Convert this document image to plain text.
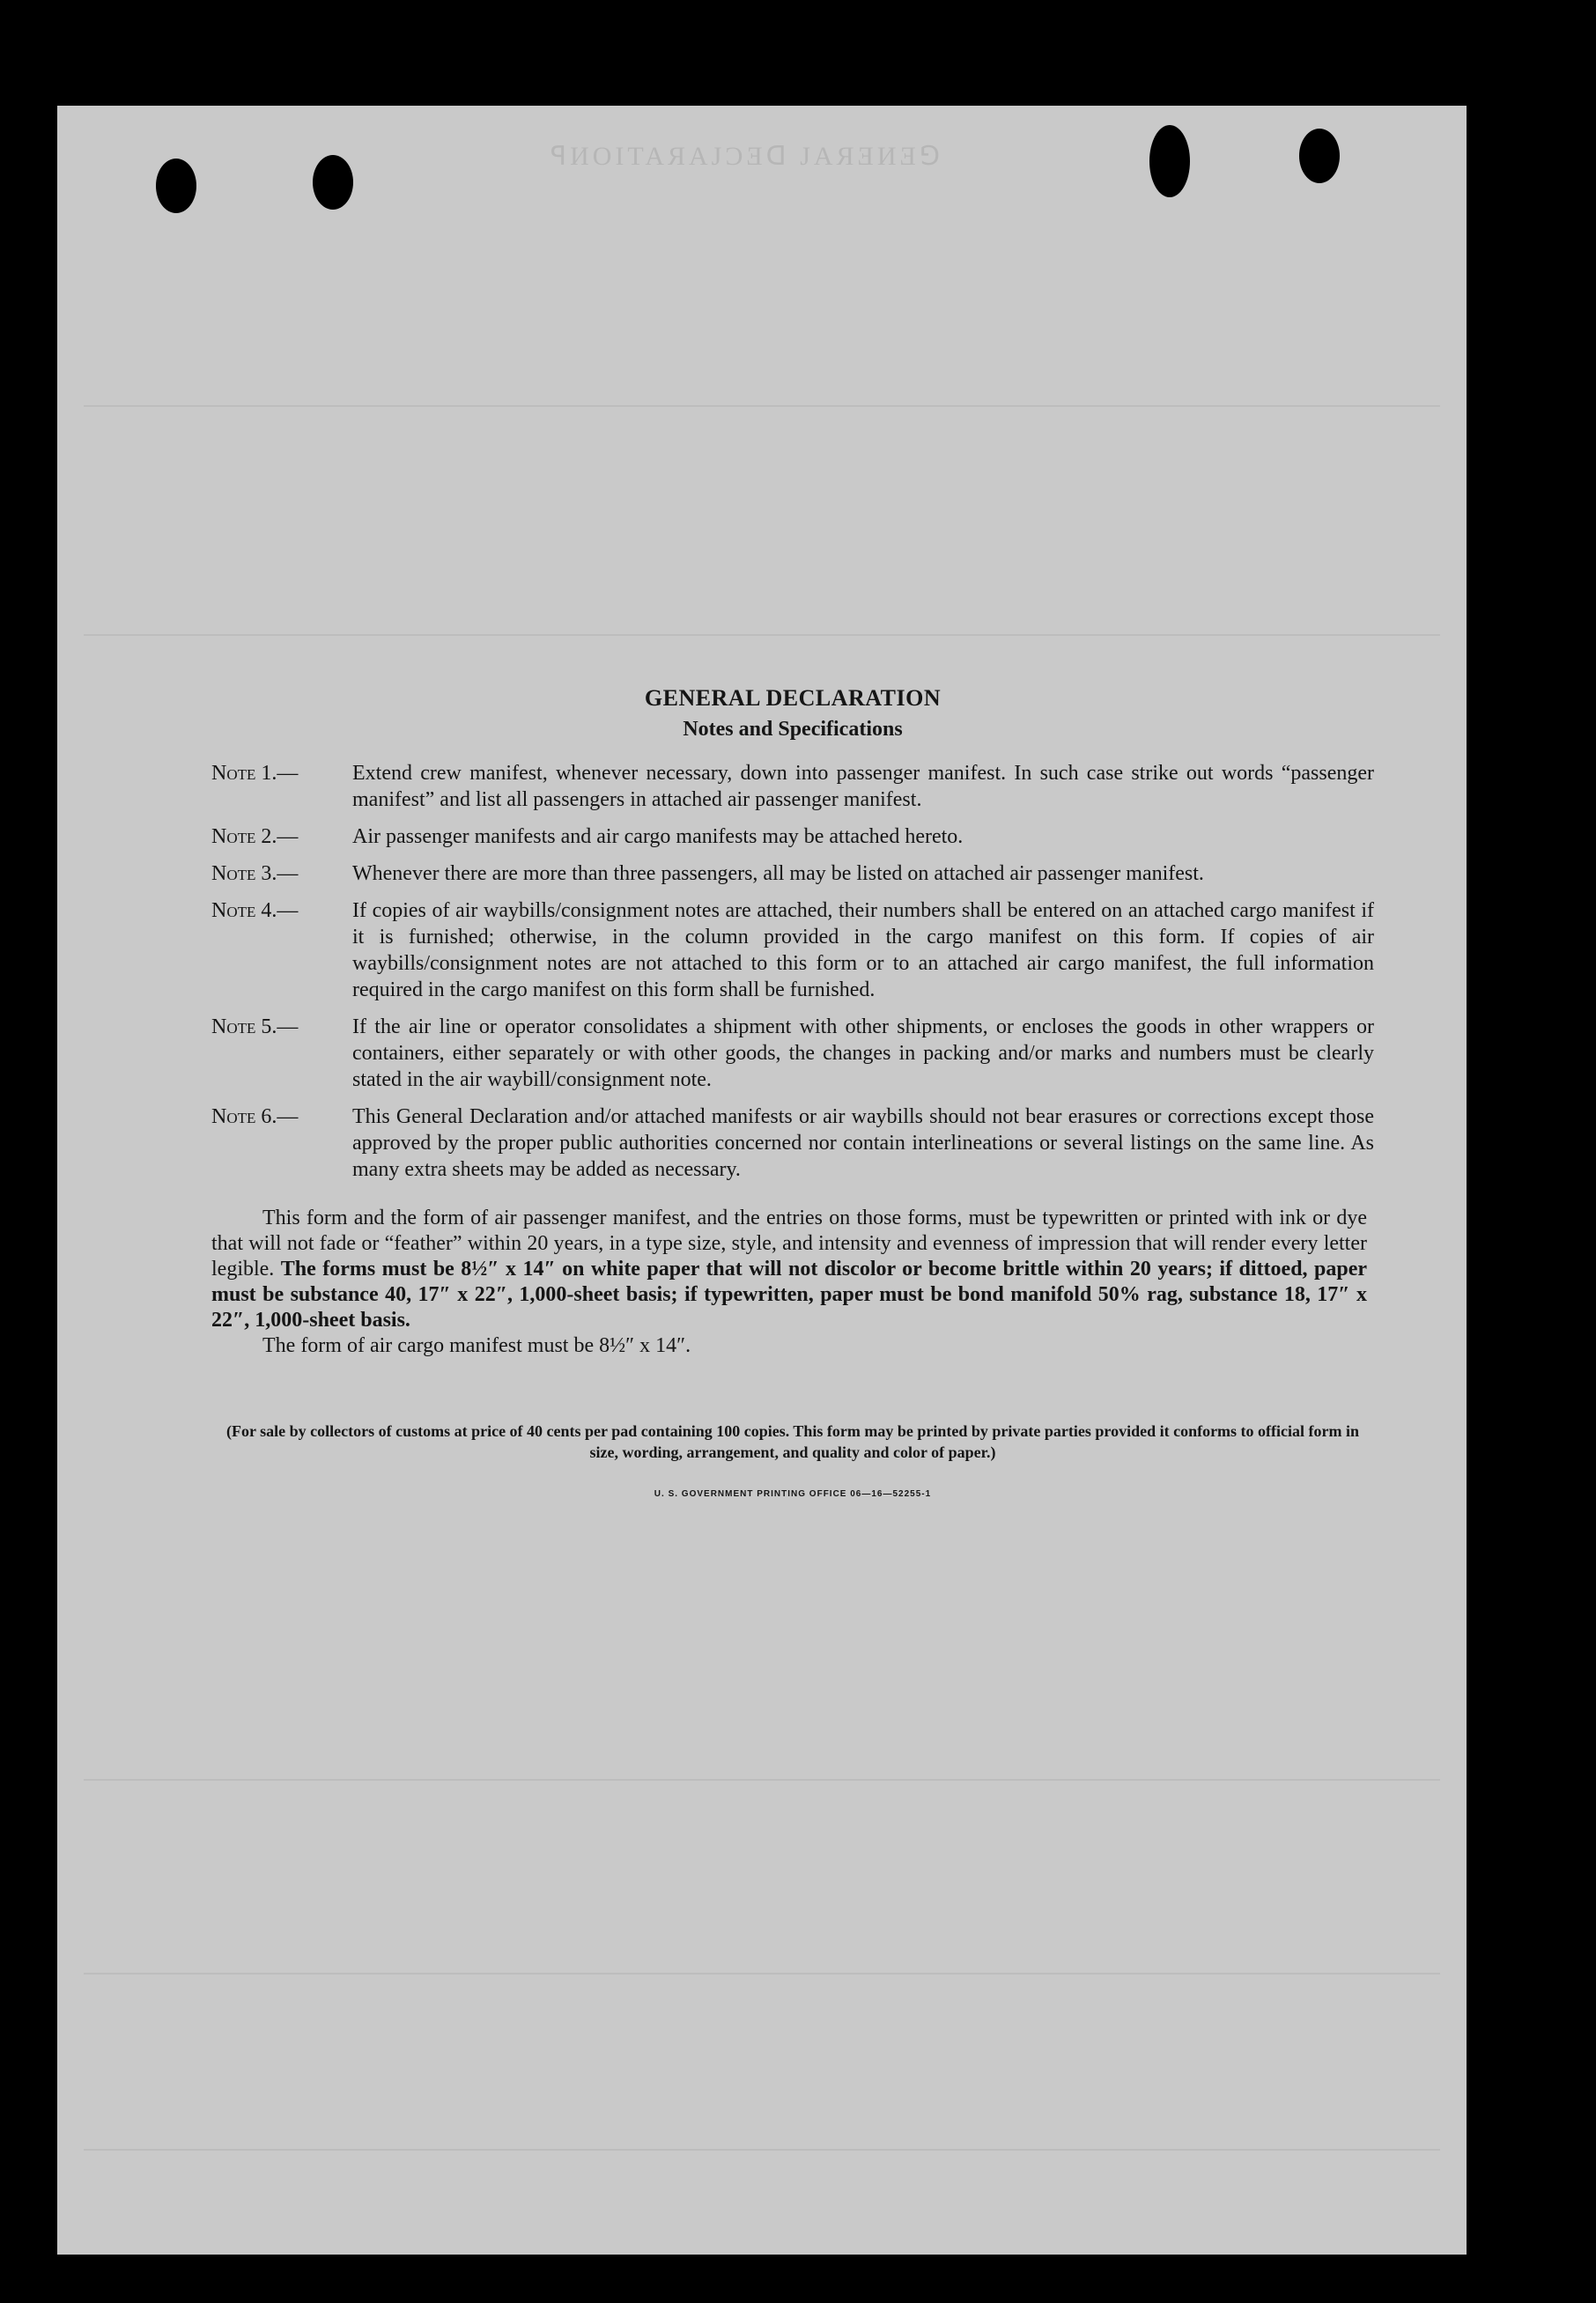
ꟼИOITAЯAJƆƎᗡ JAЯƎИƎ⅁

GENERAL DECLARATION

Notes and Specifications

Note 1.—	Extend crew manifest, whenever necessary, down into passenger manifest. In such case strike out words “passenger manifest” and list all passengers in attached air passenger manifest.
Note 2.—	Air passenger manifests and air cargo manifests may be attached hereto.
Note 3.—	Whenever there are more than three passengers, all may be listed on attached air passenger manifest.
Note 4.—	If copies of air waybills/consignment notes are attached, their numbers shall be entered on an attached cargo manifest if it is furnished; otherwise, in the column provided in the cargo manifest on this form. If copies of air waybills/consignment notes are not attached to this form or to an attached air cargo manifest, the full information required in the cargo manifest on this form shall be furnished.
Note 5.—	If the air line or operator consolidates a shipment with other shipments, or encloses the goods in other wrappers or containers, either separately or with other goods, the changes in packing and/or marks and numbers must be clearly stated in the air waybill/consignment note.
Note 6.—	This General Declaration and/or attached manifests or air waybills should not bear erasures or corrections except those approved by the proper public authorities concerned nor contain interlineations or several listings on the same line. As many extra sheets may be added as necessary.

This form and the form of air passenger manifest, and the entries on those forms, must be typewritten or printed with ink or dye that will not fade or “feather” within 20 years, in a type size, style, and intensity and evenness of impression that will render every letter legible. The forms must be 8½″ x 14″ on white paper that will not discolor or become brittle within 20 years; if dittoed, paper must be substance 40, 17″ x 22″, 1,000-sheet basis; if typewritten, paper must be bond manifold 50% rag, substance 18, 17″ x 22″, 1,000-sheet basis.

The form of air cargo manifest must be 8½″ x 14″.

(For sale by collectors of customs at price of 40 cents per pad containing 100 copies. This form may be printed by private parties provided it conforms to official form in size, wording, arrangement, and quality and color of paper.)
U. S. GOVERNMENT PRINTING OFFICE 06—16—52255-1
